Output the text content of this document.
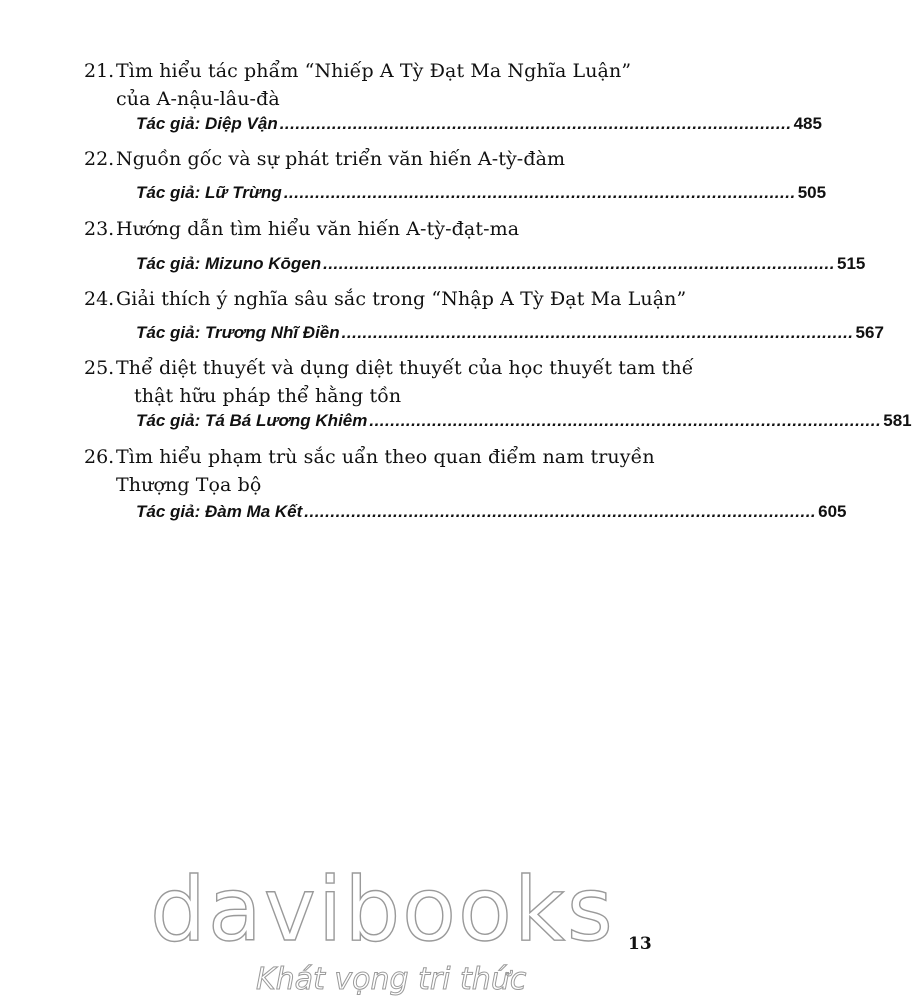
21. Tìm hiểu tác phẩm “Nhiếp A Tỳ Đạt Ma Nghĩa Luận”
của A-nậu-lâu-đà
Tác giả: Diệp Vận .................................................................................................. 485
22. Nguồn gốc và sự phát triển văn hiến A-tỳ-đàm
Tác giả: Lữ Trừng .................................................................................................. 505
23. Hướng dẫn tìm hiểu văn hiến A-tỳ-đạt-ma
Tác giả: Mizuno Kōgen .................................................................................................. 515
24. Giải thích ý nghĩa sâu sắc trong “Nhập A Tỳ Đạt Ma Luận”
Tác giả: Trương Nhĩ Điền .................................................................................................. 567
25. Thể diệt thuyết và dụng diệt thuyết của học thuyết tam thế
thật hữu pháp thể hằng tồn
Tác giả: Tá Bá Lương Khiêm .................................................................................................. 581
26. Tìm hiểu phạm trù sắc uẩn theo quan điểm nam truyền
Thượng Tọa bộ
Tác giả: Đàm Ma Kết .................................................................................................. 605
davibooks
Khát vọng tri thức
13
